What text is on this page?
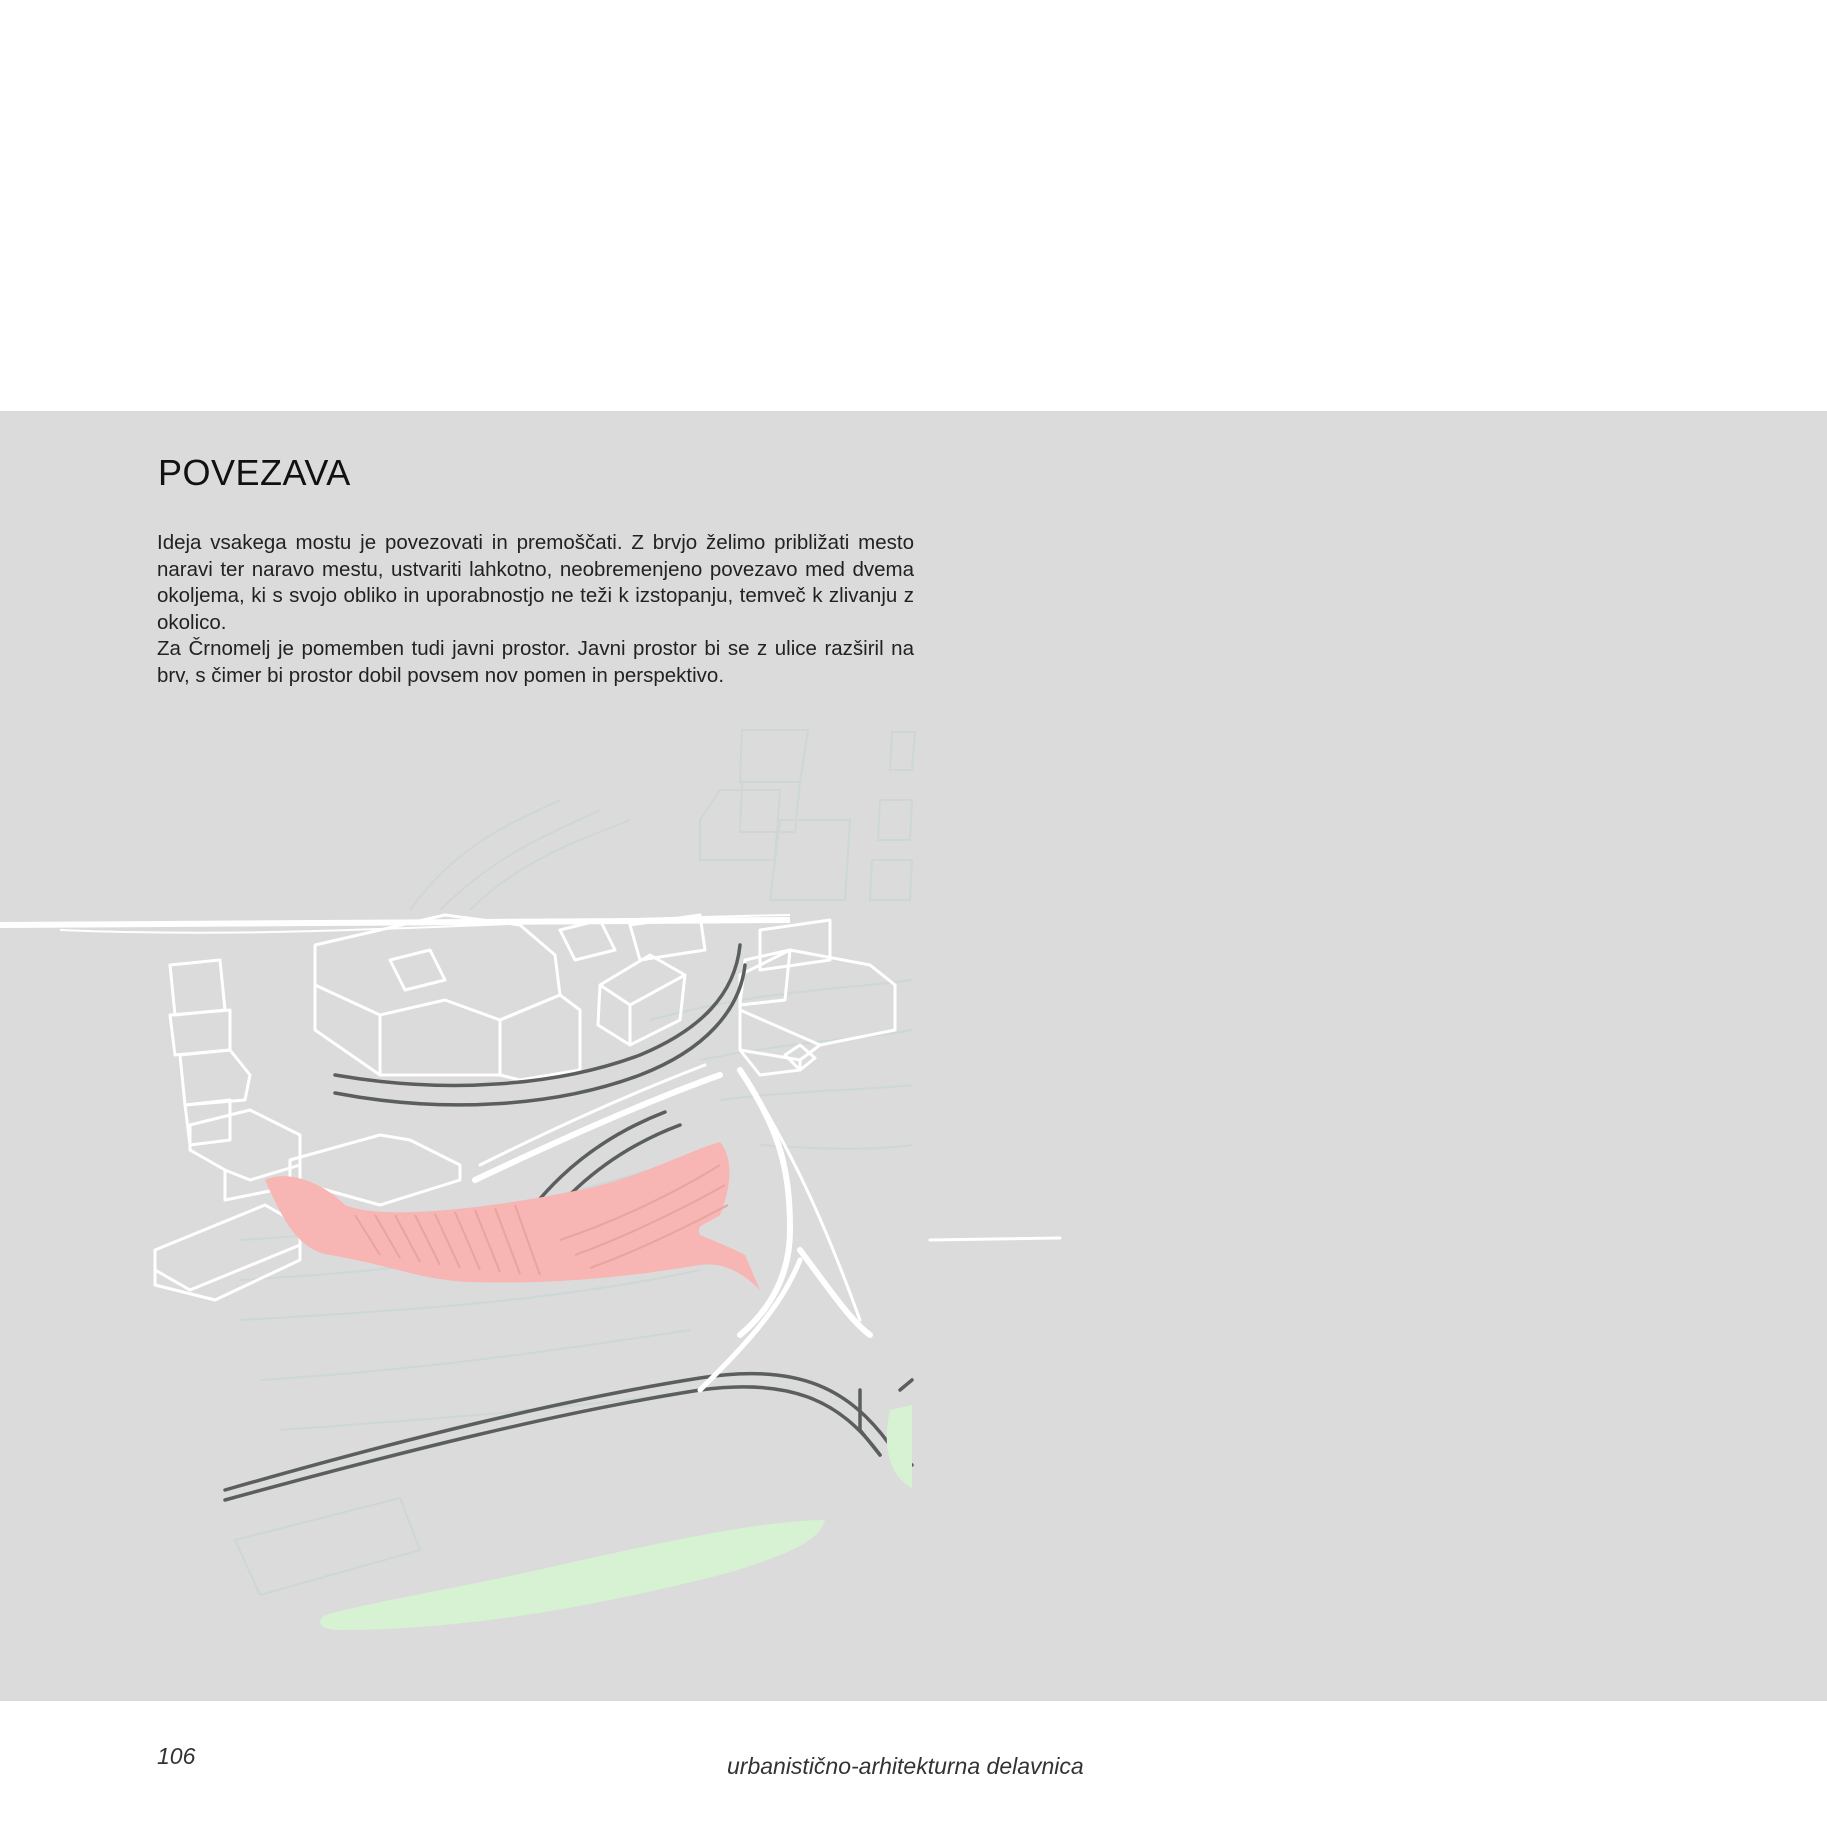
POVEZAVA

Ideja vsakega mostu je povezovati in premoščati. Z brvjo želimo približati mesto naravi ter naravo mestu, ustvariti lahkotno, neobremenjeno povezavo med dvema okoljema, ki s svojo obliko in uporabnostjo ne teži k izstopanju, temveč k zlivanju z okolico.

Za Črnomelj je pomemben tudi javni prostor. Javni prostor bi se z ulice razširil na brv, s čimer bi prostor dobil povsem nov pomen in perspektivo.

106	urbanistično-arhitekturna delavnica
